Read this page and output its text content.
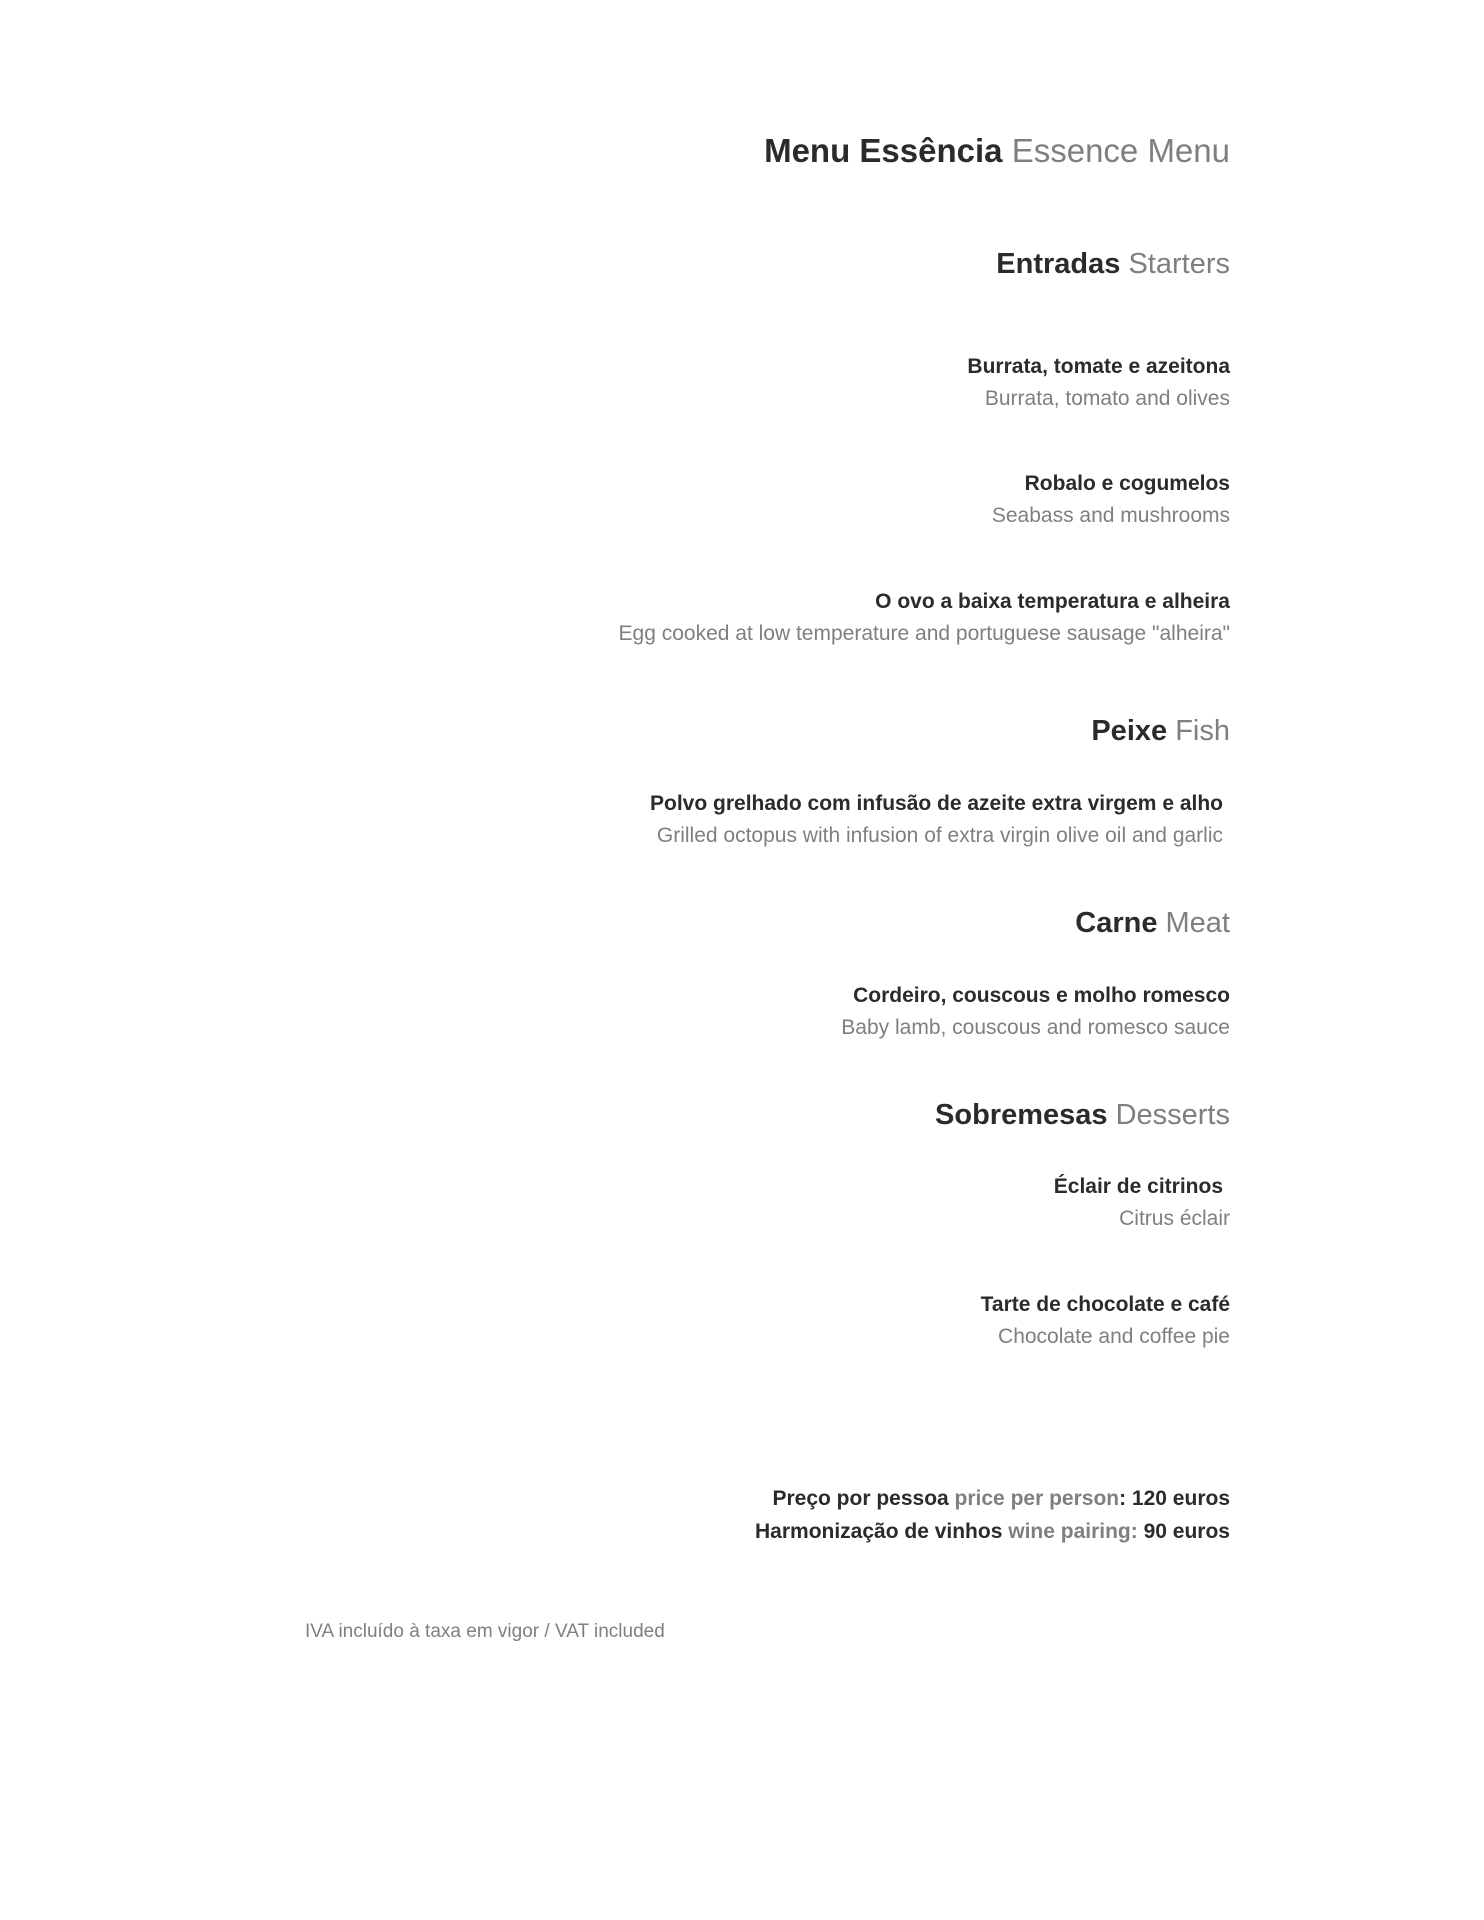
Menu Essência Essence Menu
Entradas Starters
Burrata, tomate e azeitona
Burrata, tomato and olives
Robalo e cogumelos
Seabass and mushrooms
O ovo a baixa temperatura e alheira
Egg cooked at low temperature and portuguese sausage "alheira"
Peixe Fish
Polvo grelhado com infusão de azeite extra virgem e alho
Grilled octopus with infusion of extra virgin olive oil and garlic
Carne Meat
Cordeiro, couscous e molho romesco
Baby lamb, couscous and romesco sauce
Sobremesas Desserts
Éclair de citrinos
Citrus éclair
Tarte de chocolate e café
Chocolate and coffee pie
Preço por pessoa price per person: 120 euros
Harmonização de vinhos wine pairing: 90 euros
IVA incluído à taxa em vigor / VAT included
